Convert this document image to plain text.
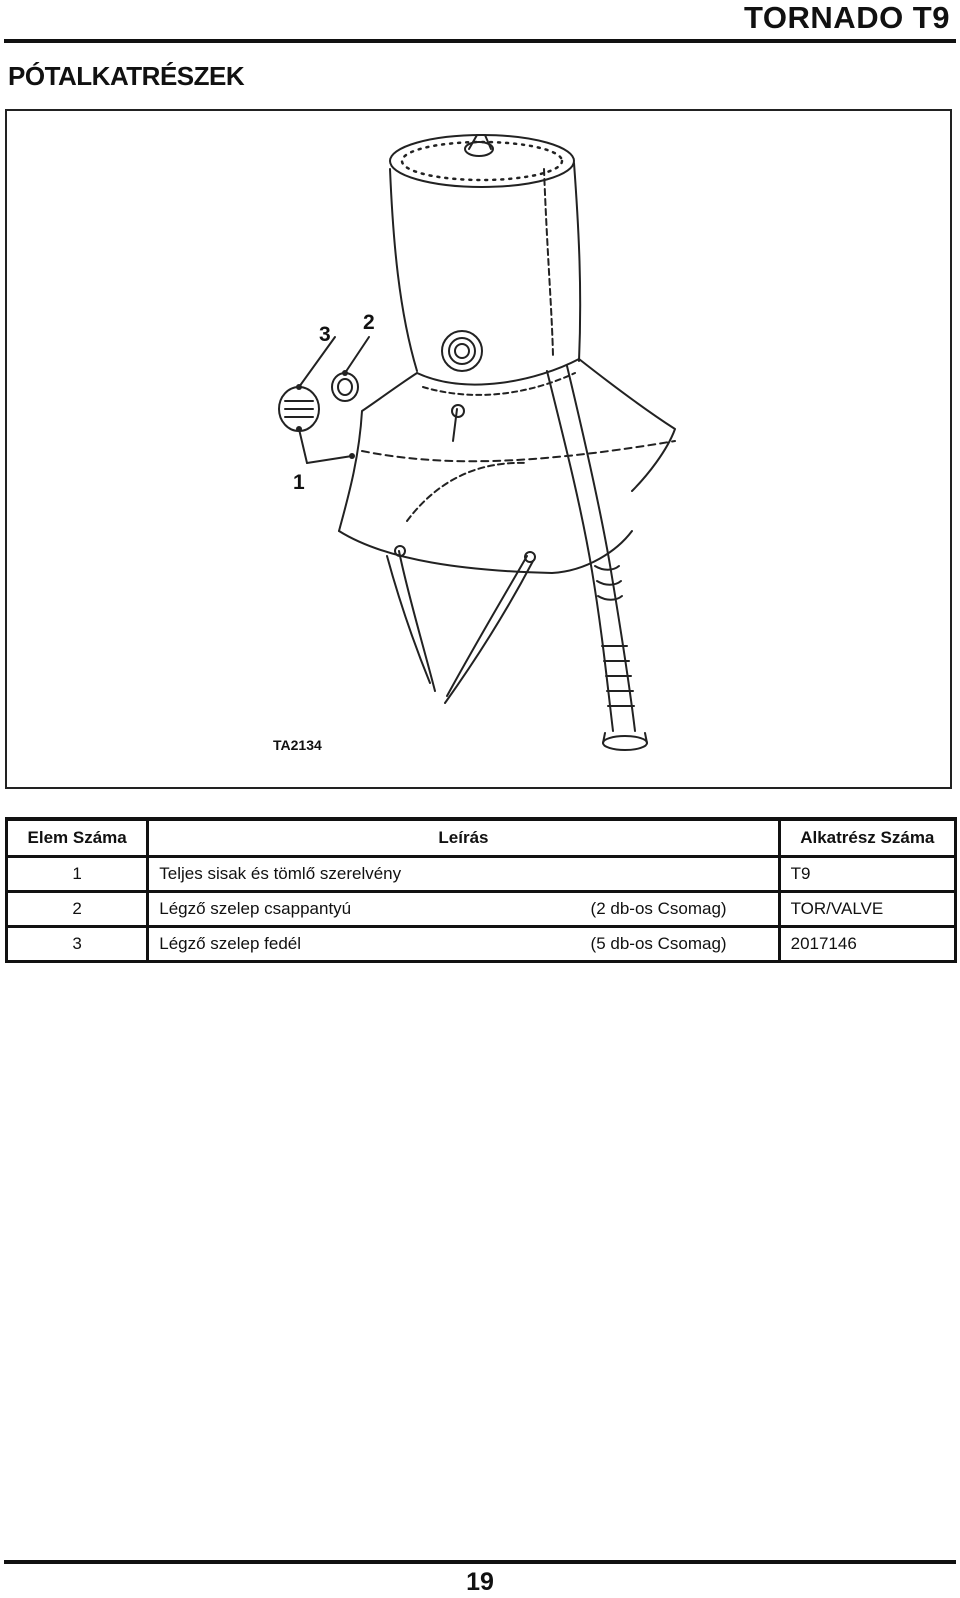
TORNADO T9
PÓTALKATRÉSZEK
3
2
1
TA2134
Elem Száma	Leírás		Alkatrész Száma
1	Teljes sisak és tömlő szerelvény		T9
2	Légző szelep csappantyú	(2 db-os Csomag)	TOR/VALVE
3	Légző szelep fedél	(5 db-os Csomag)	2017146
19
